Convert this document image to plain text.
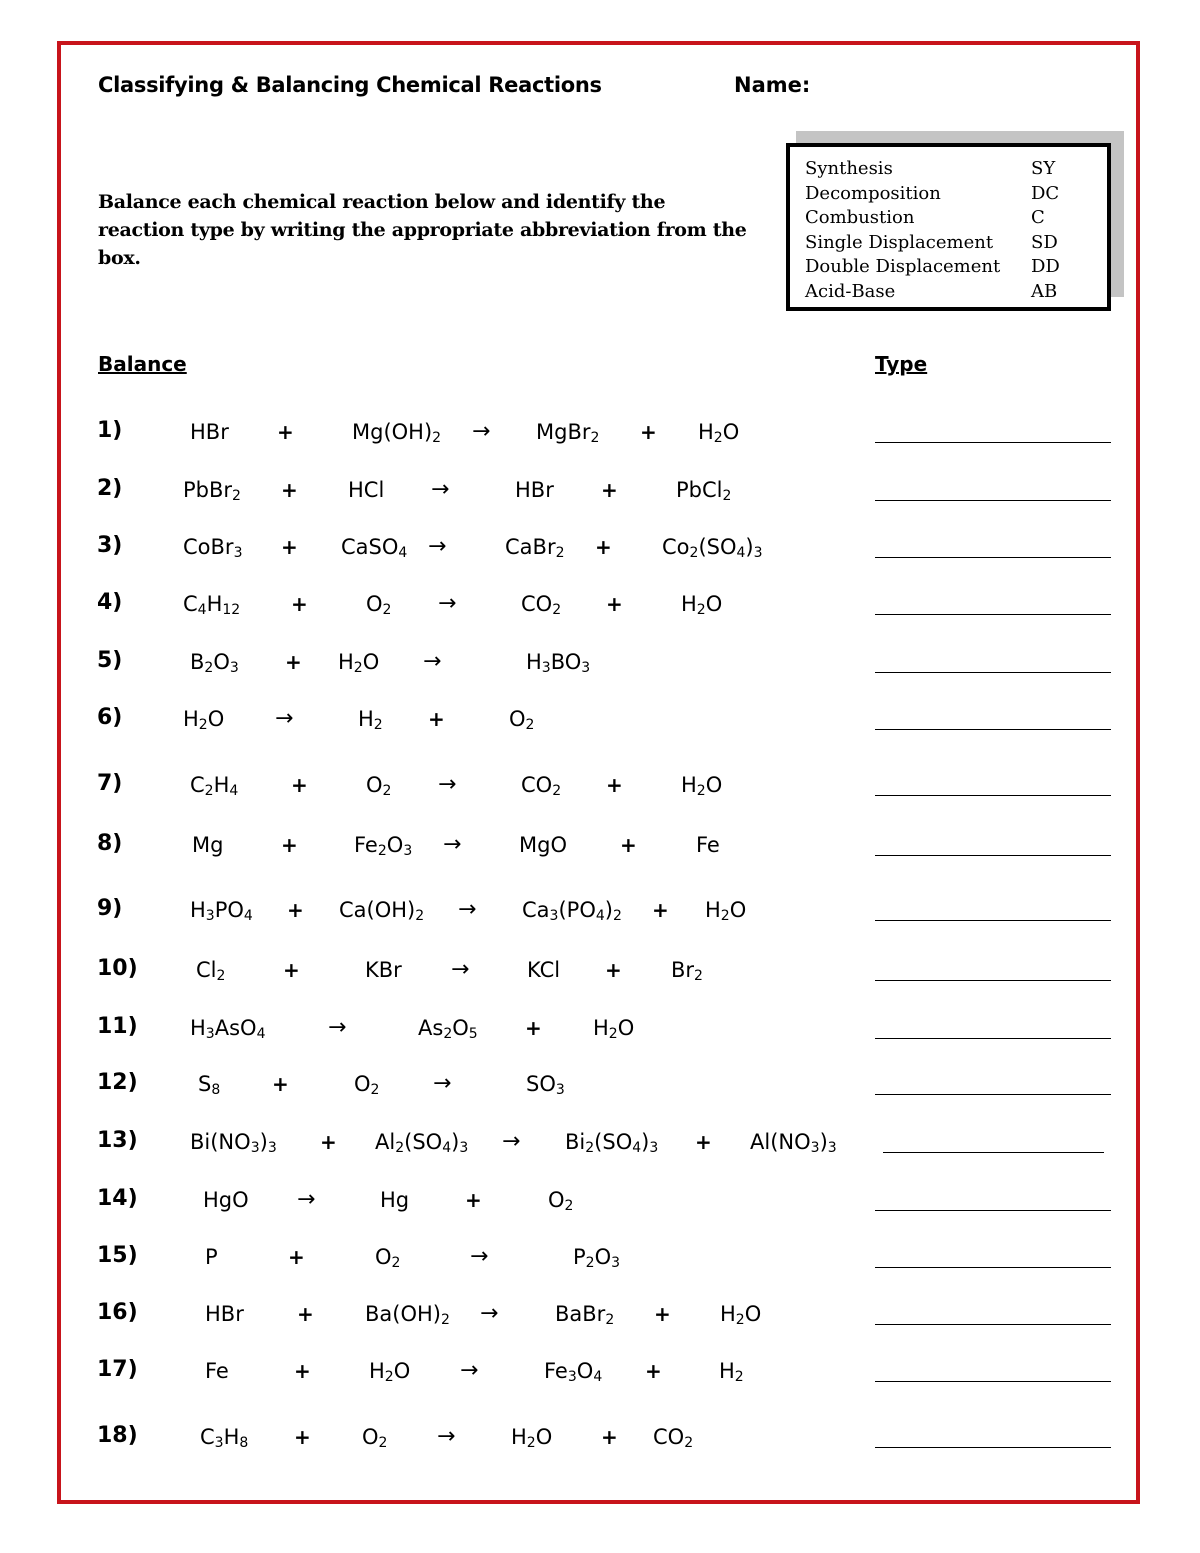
Classifying & Balancing Chemical Reactions	Name:
Balance each chemical reaction below and identify the reaction type by writing the appropriate abbreviation from the box.
Synthesis	SY
Decomposition	DC
Combustion	C
Single Displacement SD
Double Displacement DD
Acid-Base	AB
Balance	Type
1)	HBr +	$Mg(OH)_2$ → MgBr$_2$ + $H_2O$
2)	PbBr$_2$ + HCl →	HBr +	PbCl$_2$
3)	CoBr$_3$ + CaSO$_4$ →	CaBr$_2$ + $Co_2(SO_4)_3$
4)	$C_4H_{12}$	+	$O_2$ →	$CO_2$ +	$H_2O$
5)	$B_2O_3 + H_2O$ →	$H_3BO_3$
6)	$H_2O$ →	$H_2$ +	$O_2$
7)	$C_2H_4$	+	$O_2$ →	$CO_2$ +	$H_2O$
8)	Mg	+	$Fe_2O_3$ →	MgO	+	Fe
9)	$H_3PO_4 + Ca(OH)_2 \to Ca_3(PO_4)_2 + H_2O$
10)	$Cl_2$	+	KBr →	KCl + $Br_2$
11) $H_3AsO_4$	→	$As_2O_5 + H_2O$
12)	$S_8$	+	$O_2$ →	$SO_3$
13) $Bi(NO_3)_3 + Al_2(SO_4)_3 \to Bi_2(SO_4)_3 + Al(NO_3)_3$
14)	HgO →	Hg	+	$O_2$
15)	P	+	$O_2$	→	$P_2O_3$
16)	HBr	+ $Ba(OH)_2$ →	BaBr$_2$ + $H_2O$
17)	Fe	+	$H_2O$ →	$Fe_3O_4$ +	$H_2$
18)	$C_3H_8 + O_2$ →	$H_2O + CO_2$
